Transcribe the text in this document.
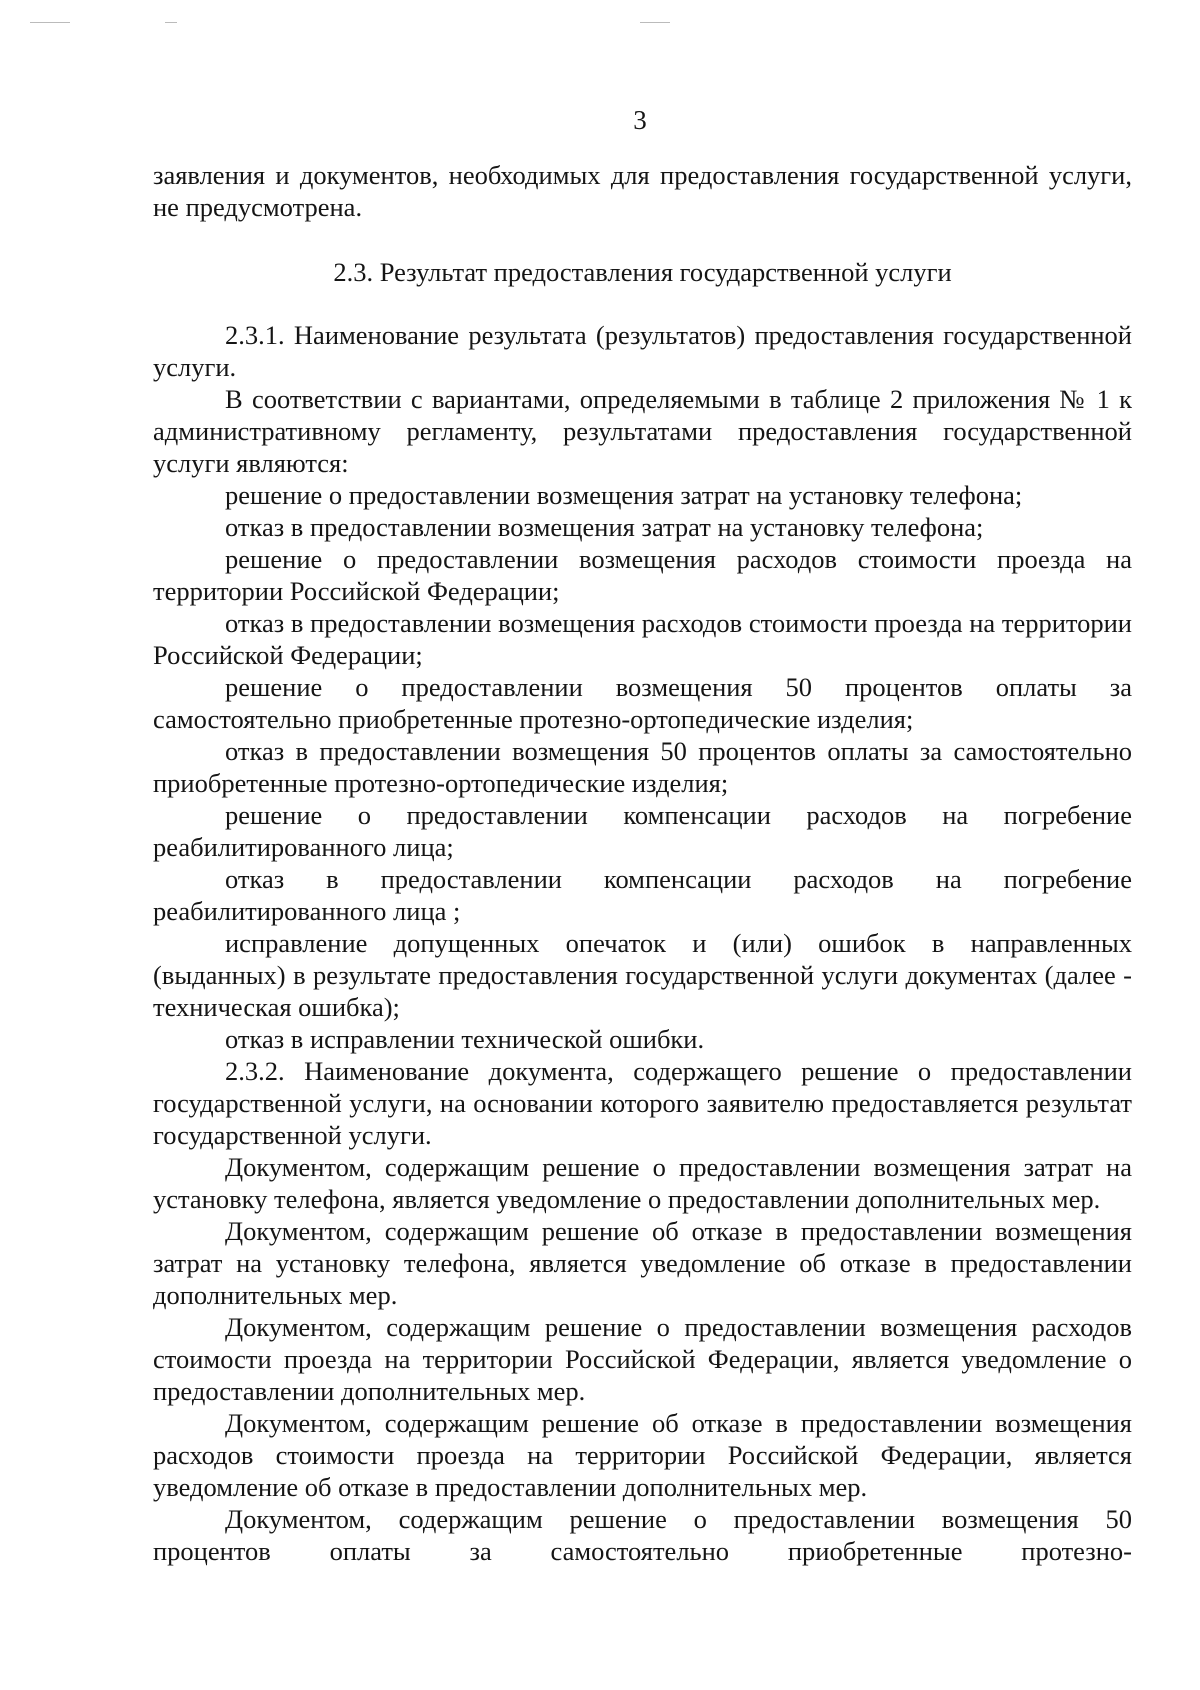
3

заявления и документов, необходимых для предоставления государственной услуги, не предусмотрена.

2.3. Результат предоставления государственной услуги

2.3.1. Наименование результата (результатов) предоставления государственной услуги.

В соответствии с вариантами, определяемыми в таблице 2 приложения № 1 к административному регламенту, результатами предоставления государственной услуги являются:

решение о предоставлении возмещения затрат на установку телефона;

отказ в предоставлении возмещения затрат на установку телефона;

решение о предоставлении возмещения расходов стоимости проезда на территории Российской Федерации;

отказ в предоставлении возмещения расходов стоимости проезда на территории Российской Федерации;

решение о предоставлении возмещения 50 процентов оплаты за самостоятельно приобретенные протезно-ортопедические изделия;

отказ в предоставлении возмещения 50 процентов оплаты за самостоятельно приобретенные протезно-ортопедические изделия;

решение о предоставлении компенсации расходов на погребение реабилитированного лица;

отказ в предоставлении компенсации расходов на погребение реабилитированного лица ;

исправление допущенных опечаток и (или) ошибок в направленных (выданных) в результате предоставления государственной услуги документах (далее - техническая ошибка);

отказ в исправлении технической ошибки.

2.3.2. Наименование документа, содержащего решение о предоставлении государственной услуги, на основании которого заявителю предоставляется результат государственной услуги.

Документом, содержащим решение о предоставлении возмещения затрат на установку телефона, является уведомление о предоставлении дополнительных мер.

Документом, содержащим решение об отказе в предоставлении возмещения затрат на установку телефона, является уведомление об отказе в предоставлении дополнительных мер.

Документом, содержащим решение о предоставлении возмещения расходов стоимости проезда на территории Российской Федерации, является уведомление о предоставлении дополнительных мер.

Документом, содержащим решение об отказе в предоставлении возмещения расходов стоимости проезда на территории Российской Федерации, является уведомление об отказе в предоставлении дополнительных мер.

Документом, содержащим решение о предоставлении возмещения 50 процентов оплаты за самостоятельно приобретенные протезно-
